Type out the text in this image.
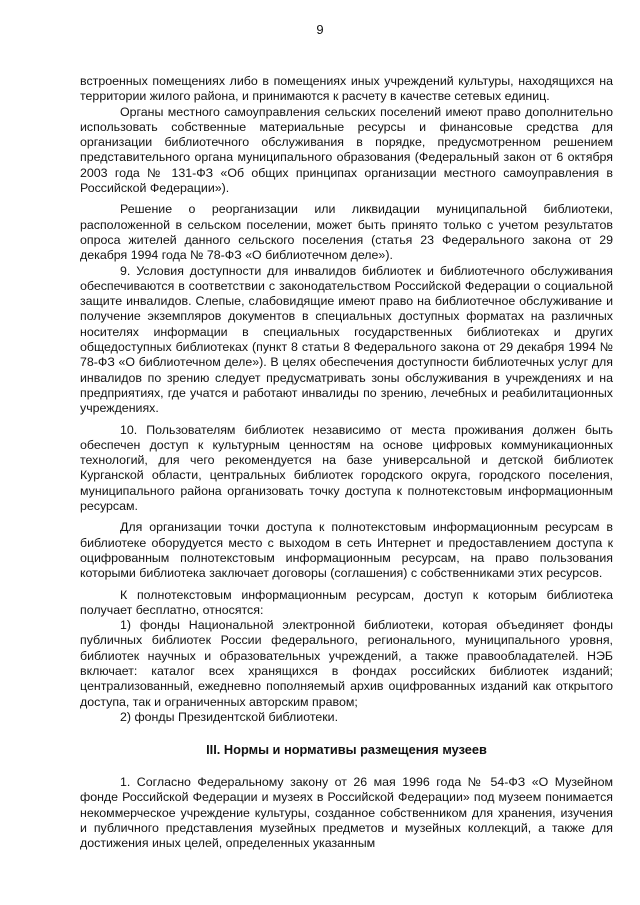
9

встроенных помещениях либо в помещениях иных учреждений культуры, находящихся на территории жилого района, и принимаются к расчету в качестве сетевых единиц.

Органы местного самоуправления сельских поселений имеют право дополнительно использовать собственные материальные ресурсы и финансовые средства для организации библиотечного обслуживания в порядке, предусмотренном решением представительного органа муниципального образования (Федеральный закон от 6 октября 2003 года № 131-ФЗ «Об общих принципах организации местного самоуправления в Российской Федерации»).

Решение о реорганизации или ликвидации муниципальной библиотеки, расположенной в сельском поселении, может быть принято только с учетом результатов опроса жителей данного сельского поселения (статья 23 Федерального закона от 29 декабря 1994 года № 78-ФЗ «О библиотечном деле»).

9. Условия доступности для инвалидов библиотек и библиотечного обслуживания обеспечиваются в соответствии с законодательством Российской Федерации о социальной защите инвалидов. Слепые, слабовидящие имеют право на библиотечное обслуживание и получение экземпляров документов в специальных доступных форматах на различных носителях информации в специальных государственных библиотеках и других общедоступных библиотеках (пункт 8 статьи 8 Федерального закона от 29 декабря 1994 № 78-ФЗ «О библиотечном деле»). В целях обеспечения доступности библиотечных услуг для инвалидов по зрению следует предусматривать зоны обслуживания в учреждениях и на предприятиях, где учатся и работают инвалиды по зрению, лечебных и реабилитационных учреждениях.

10. Пользователям библиотек независимо от места проживания должен быть обеспечен доступ к культурным ценностям на основе цифровых коммуникационных технологий, для чего рекомендуется на базе универсальной и детской библиотек Курганской области, центральных библиотек городского округа, городского поселения, муниципального района организовать точку доступа к полнотекстовым информационным ресурсам.

Для организации точки доступа к полнотекстовым информационным ресурсам в библиотеке оборудуется место с выходом в сеть Интернет и предоставлением доступа к оцифрованным полнотекстовым информационным ресурсам, на право пользования которыми библиотека заключает договоры (соглашения) с собственниками этих ресурсов.

К полнотекстовым информационным ресурсам, доступ к которым библиотека получает бесплатно, относятся:

1) фонды Национальной электронной библиотеки, которая объединяет фонды публичных библиотек России федерального, регионального, муниципального уровня, библиотек научных и образовательных учреждений, а также правообладателей. НЭБ включает: каталог всех хранящихся в фондах российских библиотек изданий; централизованный, ежедневно пополняемый архив оцифрованных изданий как открытого доступа, так и ограниченных авторским правом;

2) фонды Президентской библиотеки.

III. Нормы и нормативы размещения музеев

1. Согласно Федеральному закону от 26 мая 1996 года № 54-ФЗ «О Музейном фонде Российской Федерации и музеях в Российской Федерации» под музеем понимается некоммерческое учреждение культуры, созданное собственником для хранения, изучения и публичного представления музейных предметов и музейных коллекций, а также для достижения иных целей, определенных указанным
